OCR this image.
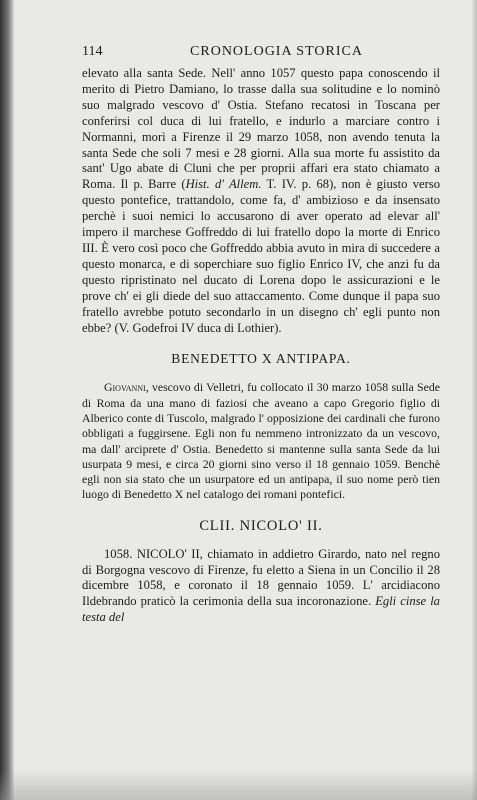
114	CRONOLOGIA STORICA

elevato alla santa Sede. Nell' anno 1057 questo papa conoscendo il merito di Pietro Damiano, lo trasse dalla sua solitudine e lo nominò suo malgrado vescovo d' Ostia. Stefano recatosi in Toscana per conferirsi col duca di lui fratello, e indurlo a marciare contro i Normanni, morì a Firenze il 29 marzo 1058, non avendo tenuta la santa Sede che soli 7 mesi e 28 giorni. Alla sua morte fu assistito da sant' Ugo abate di Cluni che per proprii affari era stato chiamato a Roma. Il p. Barre (Hist. d' Allem. T. IV. p. 68), non è giusto verso questo pontefice, trattandolo, come fa, d' ambizioso e da insensato perchè i suoi nemici lo accusarono di aver operato ad elevar all' impero il marchese Goffreddo di lui fratello dopo la morte di Enrico III. È vero così poco che Goffreddo abbia avuto in mira di succedere a questo monarca, e di soperchiare suo figlio Enrico IV, che anzi fu da questo ripristinato nel ducato di Lorena dopo le assicurazioni e le prove ch' ei gli diede del suo attaccamento. Come dunque il papa suo fratello avrebbe potuto secondarlo in un disegno ch' egli punto non ebbe? (V. Godefroi IV duca di Lothier).

BENEDETTO X ANTIPAPA.

Giovanni, vescovo di Velletri, fu collocato il 30 marzo 1058 sulla Sede di Roma da una mano di faziosi che aveano a capo Gregorio figlio di Alberico conte di Tuscolo, malgrado l' opposizione dei cardinali che furono obbligati a fuggirsene. Egli non fu nemmeno intronizzato da un vescovo, ma dall' arciprete d' Ostia. Benedetto si mantenne sulla santa Sede da lui usurpata 9 mesi, e circa 20 giorni sino verso il 18 gennaio 1059. Benchè egli non sia stato che un usurpatore ed un antipapa, il suo nome però tien luogo di Benedetto X nel catalogo dei romani pontefici.

CLII. NICOLO' II.

1058. NICOLO' II, chiamato in addietro Girardo, nato nel regno di Borgogna vescovo di Firenze, fu eletto a Siena in un Concilio il 28 dicembre 1058, e coronato il 18 gennaio 1059. L' arcidiacono Ildebrando praticò la cerimonia della sua incoronazione. Egli cinse la testa del
